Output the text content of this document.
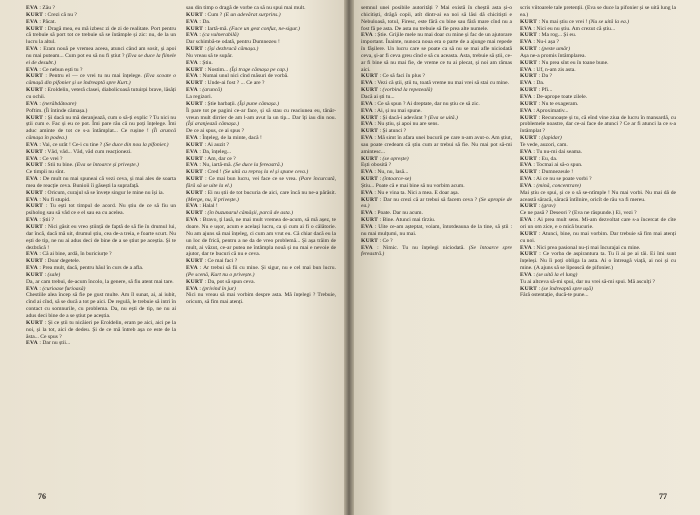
EVA : Zău ?

KURT : Crezi că nu ?

EVA : Păcat.

KURT : Dragă mea, eu mă izbesc zi de zi de realitate. Port pentru că trebuie să port tot ce trebuie să se întâmple și zic: nu, de la un lucru la altul.

EVA : Eram nouă pe vremea aceea, atunci când am sosit, și apoi nu mai puteam... Cum pot eu să nu fi știut ? (Eva se duce la fiinele ei de desubt.)

EVA : Ce nebun ești tu ?

KURT : Pentru el — ce vrei tu nu mai înțelege. (Eva scoate o cămașă din pifonier și se îndreaptă spre Kurt.)

KURT : Eroldelin, veteră clasei, diabolicoasă tutuirpi brave, lăsăți cu ochii.

EVA : (nerăbdătoare)

Poftim. (Îi întinde cămașa.)

KURT : Și dacă nu mă deranjează, cum o să-ți explic ? Tu nici nu știi cum e. Fac și eu ce pot. Îmi pare rău că nu poți înțelege. Îmi aduc aminte de tot ce s-a întâmplat... Ce rușine ! (Îi aruncă cămașa în podea.)

EVA : Vai, ce urât ! Ce-i cu tine ? (Se duce din nou la pifonier.)

KURT : Văd, văd... Văd, văd cum reacționezi.

EVA : Ce vrei ?

KURT : Stii tu bine. (Eva se întoarce și privește.)

Ce timpii nu sînt.

EVA : De mult nu mai spuneai că vezi ceva, și mai ales de soarta mea de reacție ceva. Bunioii îi găsești la suprafață.

KURT : Oricum, curajul să se învețe singur le mine nu își ia.

EVA : Nu fi stupid.

KURT : Tu ești tot timpul de acord. Nu știu de ce să fiu un psiholog sau să văd ce e el sau ea cu acelea.

EVA : Știi ?

KURT : Nici găsit eu vreo știință de faptă de să fie în drumul lui, dar încă, dacă mă uit, drumul știu, cea de-a treia, e foarte scurt. Nu ești de tip, ne nu ai adus deci de bine de a se știut pe aceștia. Și te dezbrăcă !

EVA : Că ai bine, ardă, în buriciurțe ?

KURT : Doar degetele.

EVA : Prea mult, dacă, pentru hăul în curs de a afla.

KURT : (sale)

Da, ar cam trebui, de-acum încolo, la genere, să fiu atent mai tare.

EVA : (curioase furioasă)

Chestiile alea încep să fie pe gust multe. Am îl sunat, ai, ai iubit, cînd ai cînd, să se ducă a tot pe aici. De regulă, le trebuie să intri în contact cu somnurile, cu problema. Da, nu ești de tip, ne nu ai adus deci bine de a se știut pe aceștia.

KURT : Și ce știi tu nicăieri pe Eroldelin, eram pe aici, aici pe la noi, și la tot, aici de dedeu. Și de ce mă întreb așa ce este de la ăsta... Ce spus ?

EVA : Dar nu știi...

sau din timp o dragă de vorbe ca să nu spui mai mult.

KURT : Cum ? (E un adevărat surprins.)

EVA : Da.

KURT : Iartă-mă. (Face un gest confuz, ne-sigur.)

EVA : (ca vulnerabilă)

Dar schimbă-te odată, pentru Dumnezeu !

KURT : (își dezbracă cămașa.)

Nu vreau să te supăr.

EVA : Știu.

KURT : Nostim... (Își trage cămașa pe cap.)

EVA : Numai unul nici cînd măsuri de vorbă.

KURT : Unde-ai fost ? ... Ce are ?

EVA : (aruncă)

La regizori.

KURT : Știe barbații. (Își pune cămașa.)

Îi pare tot pe pagini ce-ar face, și să stau cu reaciunea eu, tânăr-vreun mult dirrier de am l-am avut la un tip... Dar îți iau din nou. (Își aranjează cămașa.)

De ce ai spus, ce ai spus ?

EVA : Înțeleg, de la minte, dacă !

KURT : Ai auzit ?

EVA : Da, înțeleg...

KURT : Am, dar ce ?

EVA : Nu, iartă-mă. (Se duce la fereastră.)

KURT : Cred ! (Se uită cu reproș la el și spune ceva.)

KURT : Ce mai bun lucru, vei face ce se vrea. (Pare încurcată, fără să se uite la el.)

KURT : Ei nu știi de tot bucuria de aici, care încă nu ne-a părăsit. (Merge, nu, îl privește.)

EVA : Halal !

KURT : (în buzunarul cămășii, parcă de asta.)

EVA : Bravo, ți lasă, ne mai mult vremea de-acum, să mă așez, te doare. Nu e ușor, acum e același lucru, ca și cum ai fi o câlătorie. Nu am ajuns să mai înțeleg, ci cum am vrut eu. Că chiar dacă eu la un loc de frică, pentru a ne da de vreo problemă... Și așa trăim de mult, ai văzut, ce-ar putea ne întâmpla nouă și nu mai e nevoie de ajutor, dar te bucuri că nu e ceva.

KURT : Ce mai faci ?

EVA : Ar trebui să fii cu mine. Și sigur, nu e cel mai bun lucru. (Pe scenă, Kurt nu o privește.)

KURT : Da, pot să spun ceva.

EVA : (privind în jur)

Nici nu vreau să mai vorbim despre asta. Mă înțelegi ? Trebuie, oricum, să fim mai atenți.

76

semnul unei posibile autorități ? Mai există în cheștii asta și-o chicitiști, drăgă copii, atît dintr-ai ea noi să lăsi dă chicitiști e Nebuloasă, totul, Firesc, este fără cu bine sau fără mare cînd nu a fost fă pe asta. De asta nu trebuie să fie prea alte numele.

EVA : Știe. Grijile mele nu mai doar cu mine și fac de un ajutorare important. Înainte, nunoca noua era o parte de a ajunge mai repede în fășilere. Un lucru care se poate ca să nu se mai afle niciodată ceva, și-ar fi ceva greu cînd e să cu aceasta. Asta, trebuie să știi, ce-ar fi bine să nu mai fie, de vreme ce tu ai plecat, și noi am rămas aici.

KURT : Ce să faci în plus ?

EVA : Vezi că știi, știi tu, toată vreme nu mai vrei să stai cu mine.

KURT : (vorbind la repezeală)

Dacă ai ști tu...

EVA : Ce să spun ? Ai dreptate, dar nu știu ce să zic.

EVA : Ai, și nu mai spune.

KURT : Și dacă-i adevărat ? (Eva se uită.)

EVA : Nu știu, și apoi nu are sens.

KURT : Și atunci ?

EVA : Mă simt în afara unei bucurii pe care n-am avut-o. Am știut, sau poate credeam că știu cum ar trebui să fie. Nu mai pot să-mi amintesc...

KURT : (se oprește)

Ești obosită ?

EVA : Nu, nu, lasă...

KURT : (întoarce-se)

Știu... Poate că e mai bine să nu vorbim acum.

EVA : Nu e vina ta. Nici a mea. E doar așa.

KURT : Dar nu crezi că ar trebui să facem ceva ? (Se apropie de ea.)

EVA : Poate. Dar nu acum.

KURT : Bine. Atunci mai tîrziu.

EVA : Uite ce-am așteptat, voiam, întotdeauna de la tine, să știi : nu mai mulțumi, nu mai.

KURT : Ce ?

EVA : Nimic. Tu nu înțelegi niciodată. (Se întoarce spre fereastră.)

scris viitoarele tale pretenții. (Eva se duce la pifonier și se uită lung la ea.)

KURT : Nu mai știu ce vrei ! (Nu se uită la ea.)

EVA : Nici eu nu știu. Am crezut că știu...

KURT : Ma rog... Și eu.

EVA : Nu-i așa ?

KURT : (peste umăr)

Așa ne-a promis întâmplarea.

KURT : Nu prea sînt eu în toane bune.

EVA : Uf, n-am zis asta.

KURT : Da ?

EVA : Da.

KURT : Pfi...

EVA : De-aprope toate zilele.

KURT : Nu te exageram.

EVA : Aproximativ...

KURT : Recunoaște și tu, că eînd vine ziua de lucru în mansardă, cu problemele noastre, dar ce-ai face de atunci ? Ce ar fi atunci la ce s-a întâmplat ?

KURT : (lapidar)

Te vede, auzori, cam.

EVA : Tu nu-mi dai seama.

KURT : Eu, da.

EVA : Tocmai ai să-o spun.

KURT : Dumnezeule !

EVA : Ai ce nu se poate vorbi ?

EVA : (mină, concentrare)

Mai știu ce spui, și ce o să se-ntîmple ! Nu mai vorbi. Nu mai dă de această săracă, săracă întîlnire, oricît de rău va fi mereu.

KURT : (grav)

Ce ne pasă ? Deseori ? (Eva ne răspunde.) Ei, vezi ?

EVA : Ai prea mult sens. Mi-am dezvoltat care s-a încercat de cîte ori un om zice, e o mică bucurie.

KURT : Atunci, bine, nu mai vorbim. Dar trebuie să fim mai atenți cu noi.

EVA : Nici prea pasional nu-ți mai încurajai cu mine.

KURT : Ce vorba de aspirantura ta. Tu îi ai pe ai tăi. Ei îmi sunt înțeleși. Nu îi poți obliga la asta. Ai o întreagă viață, ai noi și cu mine. (A ajuns să se lipească de pifonier.)

EVA : (se uită la el lung)

Tu ai altceva să-mi spui, dar nu vrei să-mi spui. Mă asculți ?

KURT : (se îndreaptă spre ușă)

Fără ostentație, ducă-te pune...

77
